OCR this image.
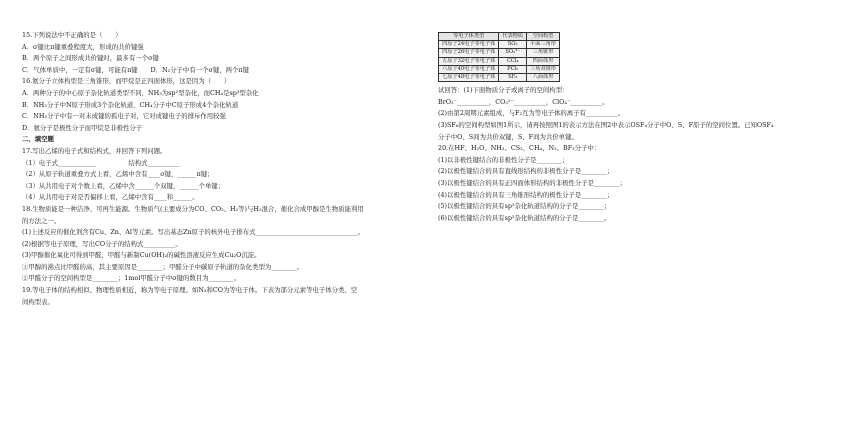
15.下列说法中不正确的是（　　）
A．σ键比π键重叠程度大，形成的共价键强
B．两个原子之间形成共价键时，最多有一个σ键
C．气体单质中，一定有σ键，可能有π键　　D．N₂分子中有一个σ键，两个π键
16.氨分子立体构型是三角锥形，而甲烷是正四面体形，这是因为（　　）
A．两种分子的中心原子杂化轨道类型不同，NH₃为sp²型杂化，而CH₄是sp³型杂化
B．NH₃分子中N原子形成3个杂化轨道，CH₄分子中C原子形成4个杂化轨道
C．NH₃分子中有一对未成键的孤电子对，它对成键电子的排斥作用较强
D．氨分子是极性分子而甲烷是非极性分子
二、填空题
17.写出乙烯的电子式和结构式，并回答下列问题。
（1）电子式____________　　　　　结构式__________
（2）从原子轨道重叠方式上看，乙烯中含有____σ键，______π键；
（3）从共用电子对个数上看，乙烯中含______个双键，______个单键；
（4）从共用电子对是否偏移上看，乙烯中含有____和______。
18.生物质能是一种洁净、可再生能源。生物质气(主要成分为CO、CO₂、H₂等)与H₂混合，催化合成甲醇是生物质能利用
的方法之一。
(1)上述反应的催化剂含有Cu、Zn、Al等元素。写出基态Zn原子的核外电子排布式________________________________。
(2)根据等电子原理，写出CO分子的结构式__________。
(3)甲醇催化氧化可得到甲醛，甲醛与新制Cu(OH)₂的碱性溶液反应生成Cu₂O沉淀。
①甲醇的沸点比甲醛的高，其主要原因是________；甲醛分子中碳原子轨道的杂化类型为________。
②甲醛分子的空间构型是________；1mol甲醛分子中σ键的数目为________。
19.等电子体的结构相似、物理性质相近，称为等电子原理。如N₂和CO为等电子体。下表为部分元素等电子体分类、空
间构型表。
等电子体类型	代表物质	空间构型
四原子24电子等电子体	SO₃	平面三角形
四原子26电子等电子体	SO₃²⁻	三角锥形
五原子32电子等电子体	CCl₄	四面体形
六原子40电子等电子体	PCl₅	三角双锥形
七原子48电子等电子体	SF₆	八面体形
试回答：(1)下面物质分子或离子的空间构型：
BrO₃⁻__________，CO₃²⁻__________，ClO₄⁻__________。
(2)由第2周期元素组成，与F₂互为等电子体的离子有__________。
(3)SF₆的空间构型如图1所示，请再按照图1的表示方法在图2中表示OSF₄分子中O、S、F原子的空间位置。已知OSF₄
分子中O、S间为共价双键，S、F间为共价单键。
20.在HF、H₂O、NH₃、CS₂、CH₄、N₂、BF₃分子中：
(1)以非极性键结合的非极性分子是________；
(2)以极性键结合的具有直线形结构的非极性分子是________；
(3)以极性键结合的具有正四面体形结构的非极性分子是________；
(4)以极性键结合的具有三角锥形结构的极性分子是________；
(5)以极性键结合的具有sp³杂化轨道结构的分子是________；
(6)以极性键结合的具有sp²杂化轨道结构的分子是________。
